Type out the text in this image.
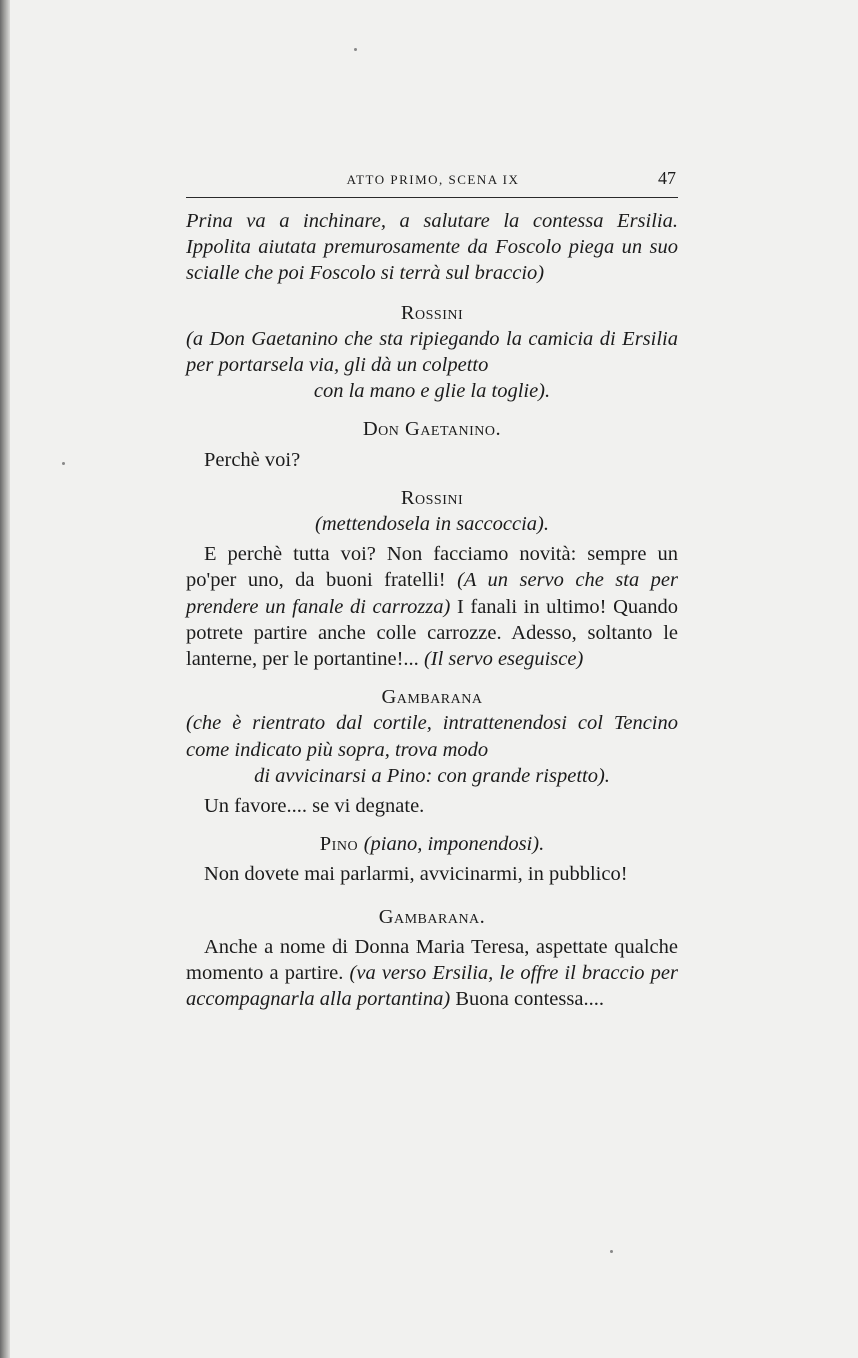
ATTO PRIMO, SCENA IX	47
Prina va a inchinare, a salutare la contessa Ersilia. Ippolita aiutata premurosamente da Foscolo piega un suo scialle che poi Foscolo si terrà sul braccio)
Rossini
(a Don Gaetanino che sta ripiegando la camicia di Ersilia per portarsela via, gli dà un colpetto
con la mano e glie la toglie).
Don Gaetanino.
Perchè voi?
Rossini
(mettendosela in saccoccia).
E perchè tutta voi? Non facciamo novità: sempre un po'per uno, da buoni fratelli! (A un servo che sta per prendere un fanale di carrozza) I fanali in ultimo! Quando potrete partire anche colle carrozze. Adesso, soltanto le lanterne, per le portantine!... (Il servo eseguisce)
Gambarana
(che è rientrato dal cortile, intrattenendosi col Tencino come indicato più sopra, trova modo
di avvicinarsi a Pino: con grande rispetto).
Un favore.... se vi degnate.
Pino (piano, imponendosi).
Non dovete mai parlarmi, avvicinarmi, in pubblico!
Gambarana.
Anche a nome di Donna Maria Teresa, aspettate qualche momento a partire. (va verso Ersilia, le offre il braccio per accompagnarla alla portantina) Buona contessa....
